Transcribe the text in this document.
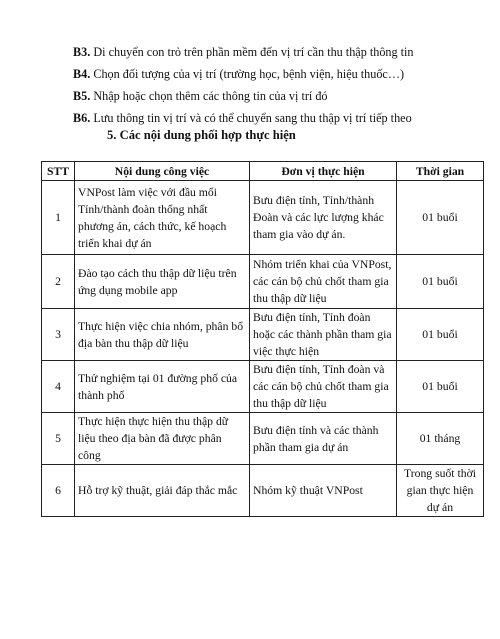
B3. Di chuyển con trỏ trên phần mềm đến vị trí cần thu thập thông tin
B4. Chọn đối tượng của vị trí (trường học, bệnh viện, hiệu thuốc…)
B5. Nhập hoặc chọn thêm các thông tin của vị trí đó
B6. Lưu thông tin vị trí và có thể chuyển sang thu thập vị trí tiếp theo
5. Các nội dung phối hợp thực hiện
STT	Nội dung công việc	Đơn vị thực hiện	Thời gian
1	VNPost làm việc với đầu mối Tỉnh/thành đoàn thống nhất phương án, cách thức, kế hoạch triển khai dự án	Bưu điện tỉnh, Tỉnh/thành Đoàn và các lực lượng khác tham gia vào dự án.	01 buổi
2	Đào tạo cách thu thập dữ liệu trên ứng dụng mobile app	Nhóm triển khai của VNPost, các cán bộ chủ chốt tham gia thu thập dữ liệu	01 buổi
3	Thực hiện việc chia nhóm, phân bổ địa bàn thu thập dữ liệu	Bưu điện tỉnh, Tỉnh đoàn hoặc các thành phần tham gia việc thực hiện	01 buổi
4	Thử nghiệm tại 01 đường phố của thành phố	Bưu điện tỉnh, Tỉnh đoàn và các cán bộ chủ chốt tham gia thu thập dữ liệu	01 buổi
5	Thực hiện thực hiện thu thập dữ liệu theo địa bàn đã được phân công	Bưu điện tỉnh và các thành phần tham gia dự án	01 tháng
6	Hỗ trợ kỹ thuật, giải đáp thắc mắc	Nhóm kỹ thuật VNPost	Trong suốt thời gian thực hiện dự án
